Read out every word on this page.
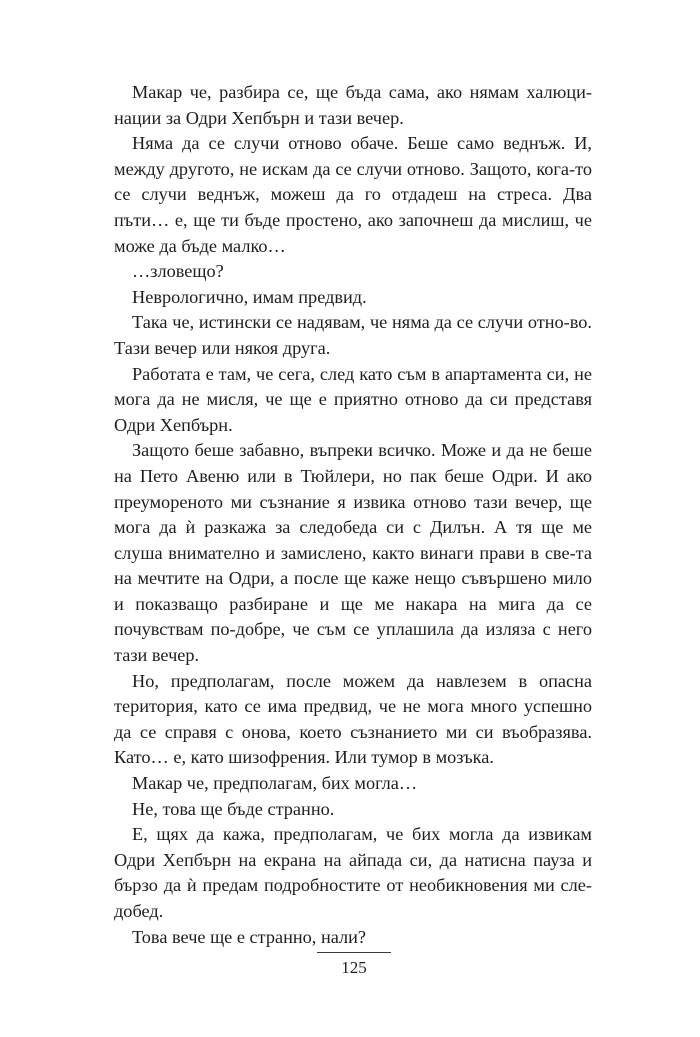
Макар че, разбира се, ще бъда сама, ако нямам халюци-нации за Одри Хепбърн и тази вечер.

Няма да се случи отново обаче. Беше само веднъж. И, между другото, не искам да се случи отново. Защото, кога-то се случи веднъж, можеш да го отдадеш на стреса. Два пъти… е, ще ти бъде простено, ако започнеш да мислиш, че може да бъде малко…

…зловещо?

Неврологично, имам предвид.

Така че, истински се надявам, че няма да се случи отно-во. Тази вечер или някоя друга.

Работата е там, че сега, след като съм в апартамента си, не мога да не мисля, че ще е приятно отново да си представя Одри Хепбърн.

Защото беше забавно, въпреки всичко. Може и да не беше на Пето Авеню или в Тюйлери, но пак беше Одри. И ако преуморeното ми съзнание я извика отново тази вечер, ще мога да ѝ разкажа за следобеда си с Дилън. А тя ще ме слуша внимателно и замислено, както винаги прави в све-та на мечтите на Одри, а после ще каже нещо съвършено мило и показващо разбиране и ще ме накара на мига да се почувствам по-добре, че съм се уплашила да изляза с него тази вечер.

Но, предполагам, после можем да навлезем в опасна територия, като се има предвид, че не мога много успешно да се справя с онова, което съзнанието ми си въобразява. Като… е, като шизофрения. Или тумор в мозъка.

Макар че, предполагам, бих могла…

Не, това ще бъде странно.

Е, щях да кажа, предполагам, че бих могла да извикам Одри Хепбърн на екрана на айпада си, да натисна пауза и бързо да ѝ предам подробностите от необикновения ми сле-добед.

Това вече ще е странно, нали?

125
